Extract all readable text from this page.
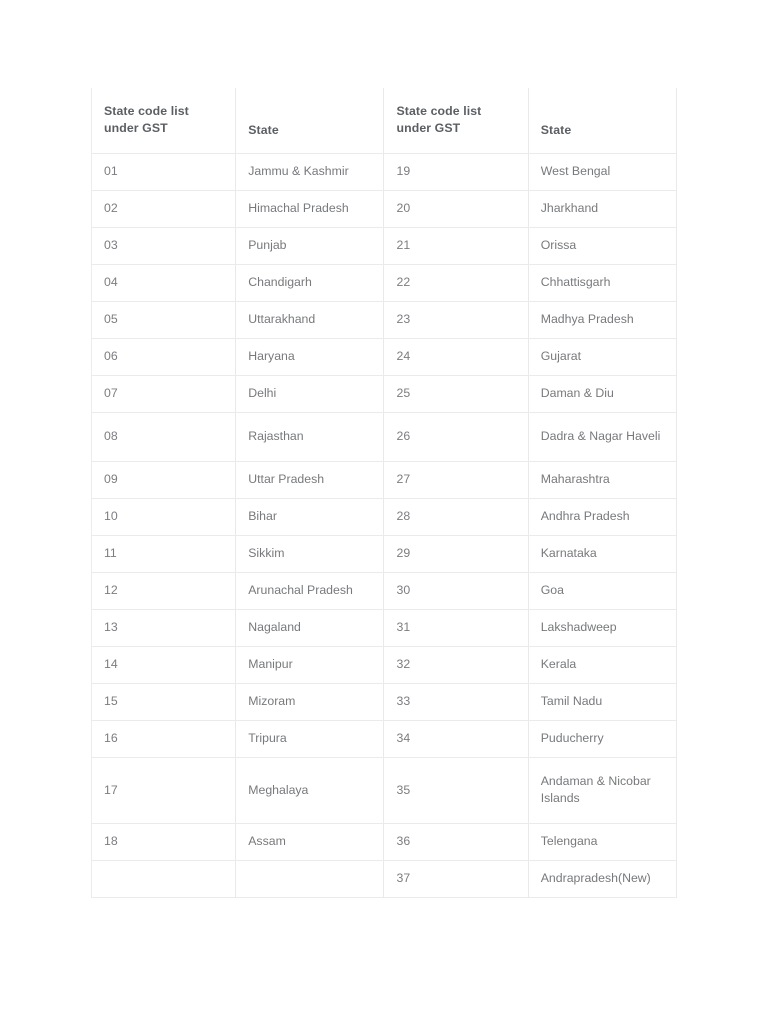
State code list under GST	State	State code list under GST	State
01	Jammu & Kashmir	19	West Bengal
02	Himachal Pradesh	20	Jharkhand
03	Punjab	21	Orissa
04	Chandigarh	22	Chhattisgarh
05	Uttarakhand	23	Madhya Pradesh
06	Haryana	24	Gujarat
07	Delhi	25	Daman & Diu
08	Rajasthan	26	Dadra & Nagar Haveli
09	Uttar Pradesh	27	Maharashtra
10	Bihar	28	Andhra Pradesh
11	Sikkim	29	Karnataka
12	Arunachal Pradesh	30	Goa
13	Nagaland	31	Lakshadweep
14	Manipur	32	Kerala
15	Mizoram	33	Tamil Nadu
16	Tripura	34	Puducherry
17	Meghalaya	35	Andaman & Nicobar Islands
18	Assam	36	Telengana
		37	Andrapradesh(New)
